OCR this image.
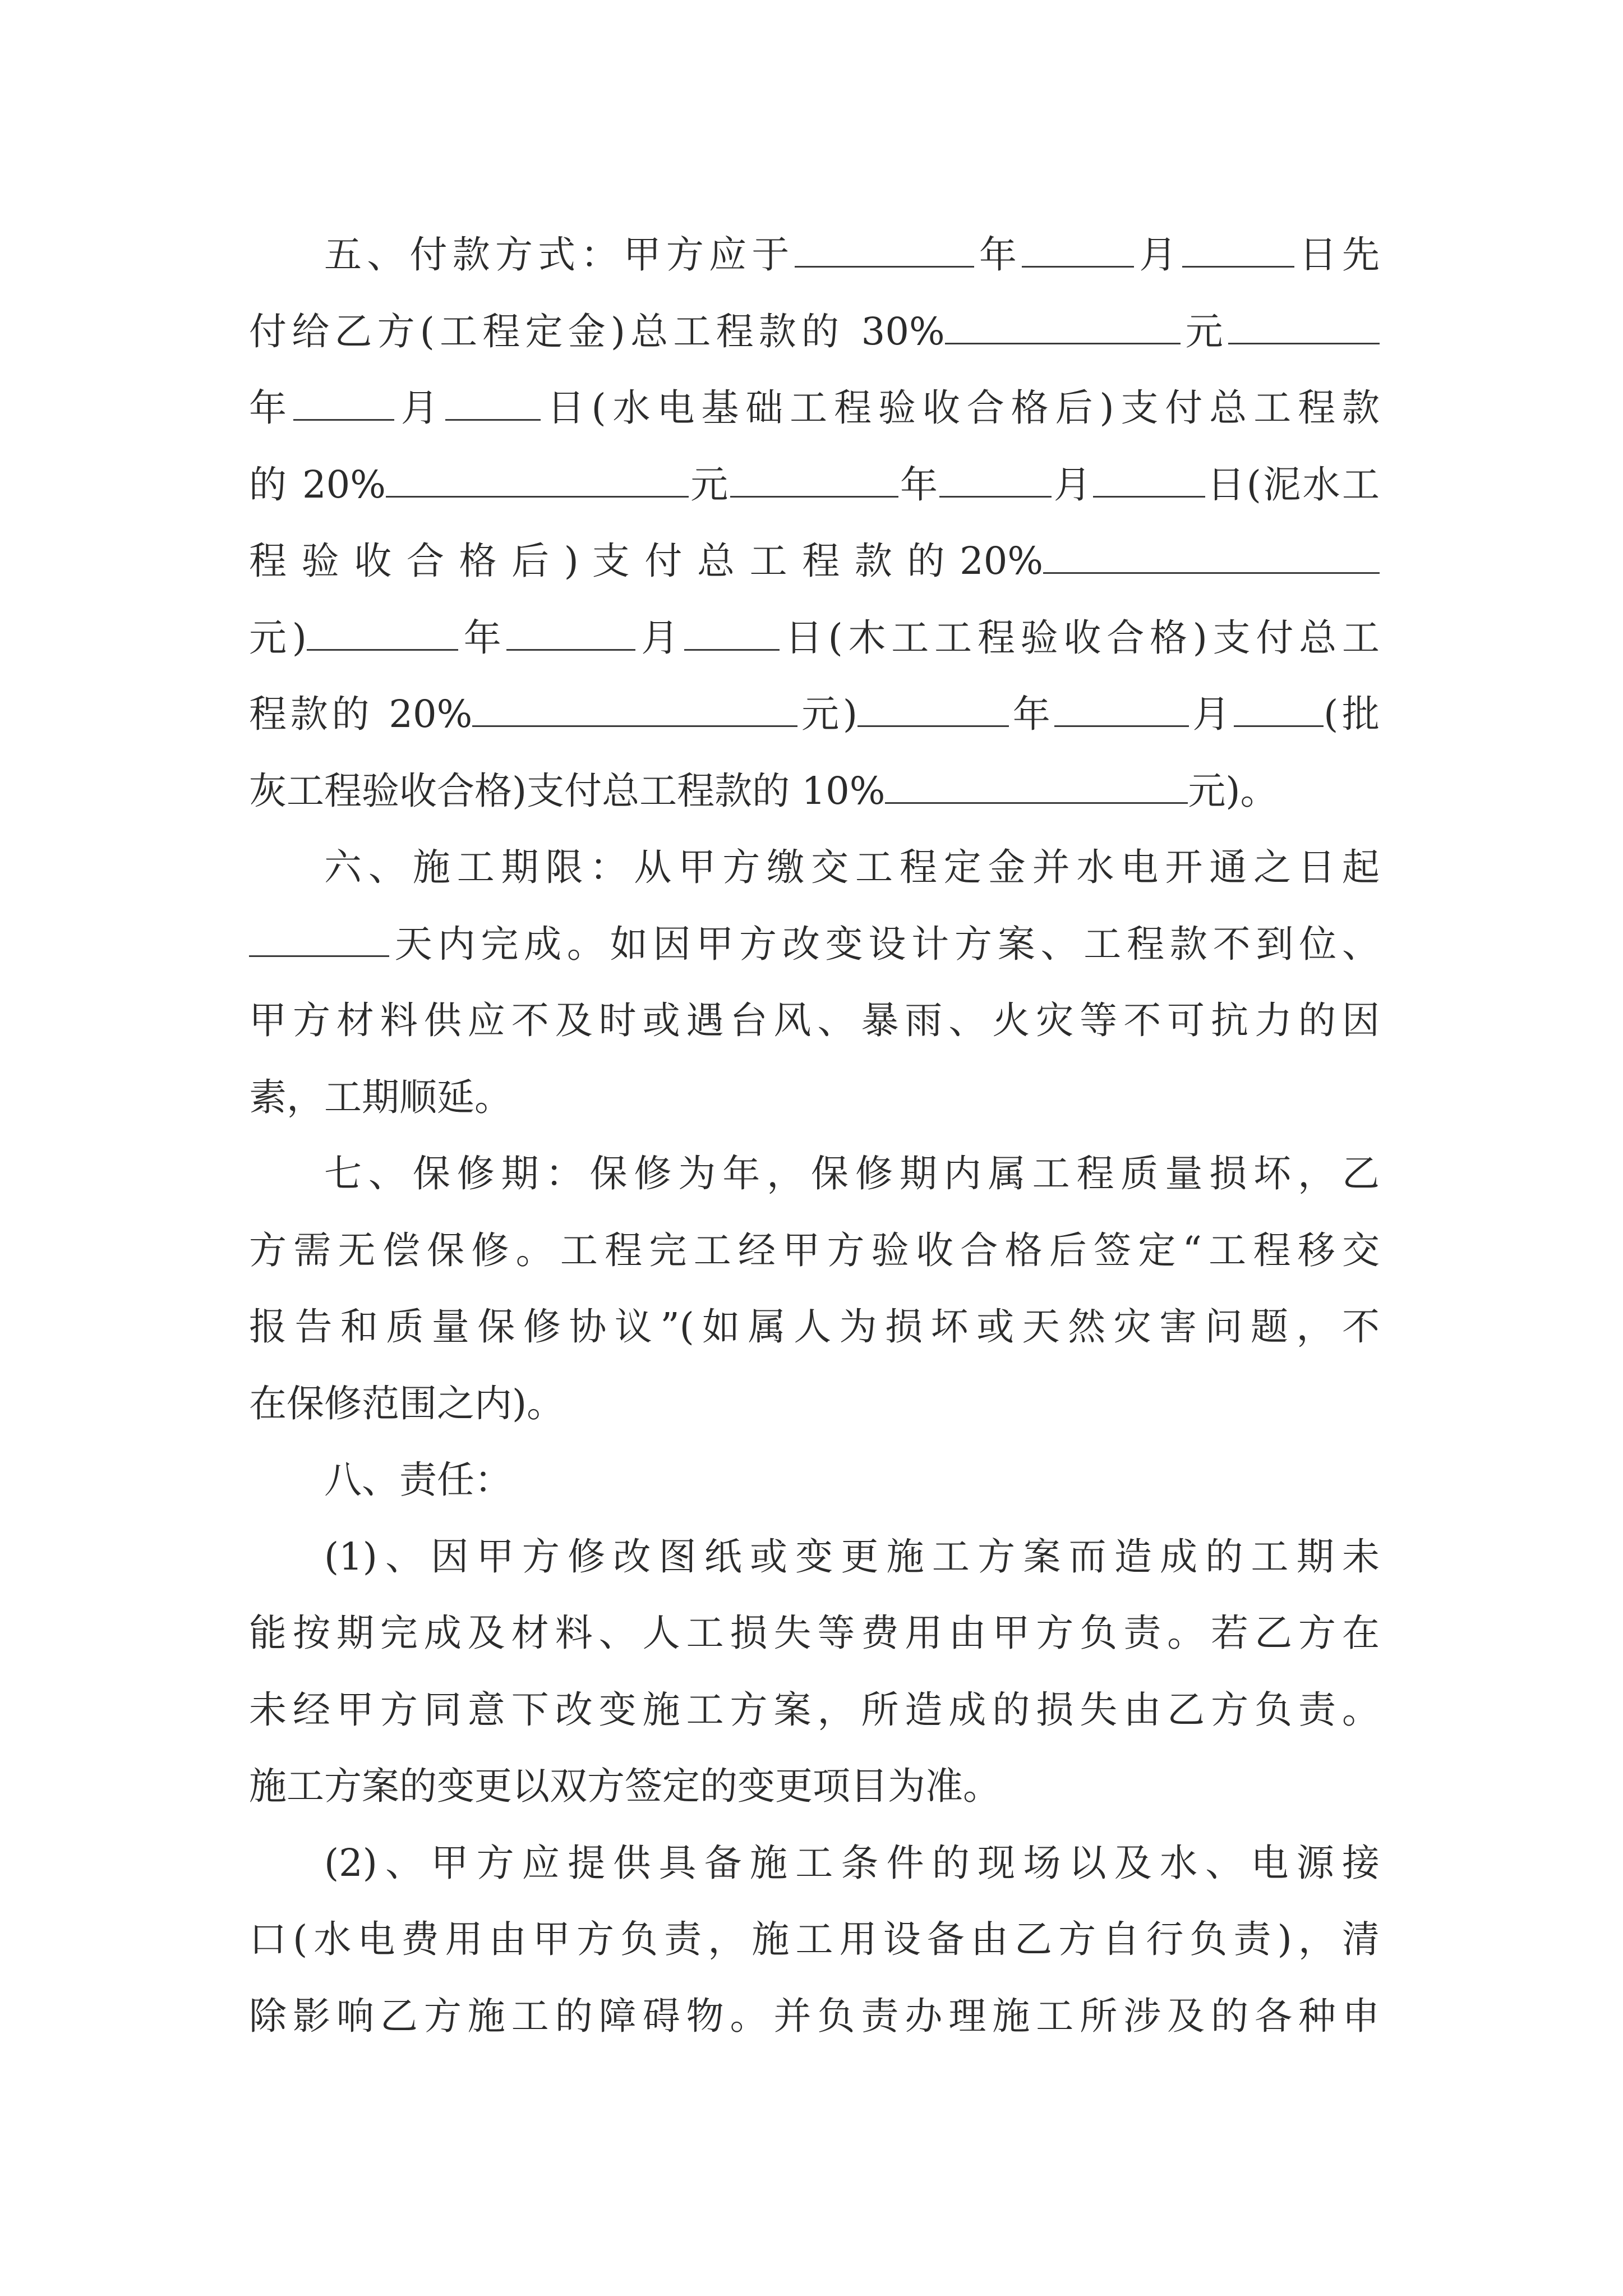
五、付款方式：甲方应于	年	月	日先
付给乙方(工程定金)总工程款的 30%	元
年	月	日(水电基础工程验收合格后)支付总工程款
的 20%	元	年	月	日(泥水工
程 验 收 合 格 后 ) 支 付 总 工 程 款 的 20%
元)	年	月	日(木工工程验收合格)支付总工
程款的 20%	元)	年	月 (批
灰工程验收合格)支付总工程款的 10%	元)。
六、施工期限：从甲方缴交工程定金并水电开通之日起
天内完成。如因甲方改变设计方案、工程款不到位、
甲方材料供应不及时或遇台风、暴雨、火灾等不可抗力的因
素，工期顺延。
七、保修期：保修为年，保修期内属工程质量损坏，乙
方需无偿保修。工程完工经甲方验收合格后签定“工程移交
报告和质量保修协议”(如属人为损坏或天然灾害问题，不
在保修范围之内)。
八、责任：
(1)、因甲方修改图纸或变更施工方案而造成的工期未
能按期完成及材料、人工损失等费用由甲方负责。若乙方在
未经甲方同意下改变施工方案，所造成的损失由乙方负责。
施工方案的变更以双方签定的变更项目为准。
(2)、甲方应提供具备施工条件的现场以及水、电源接
口(水电费用由甲方负责，施工用设备由乙方自行负责)，清
除影响乙方施工的障碍物。并负责办理施工所涉及的各种申
